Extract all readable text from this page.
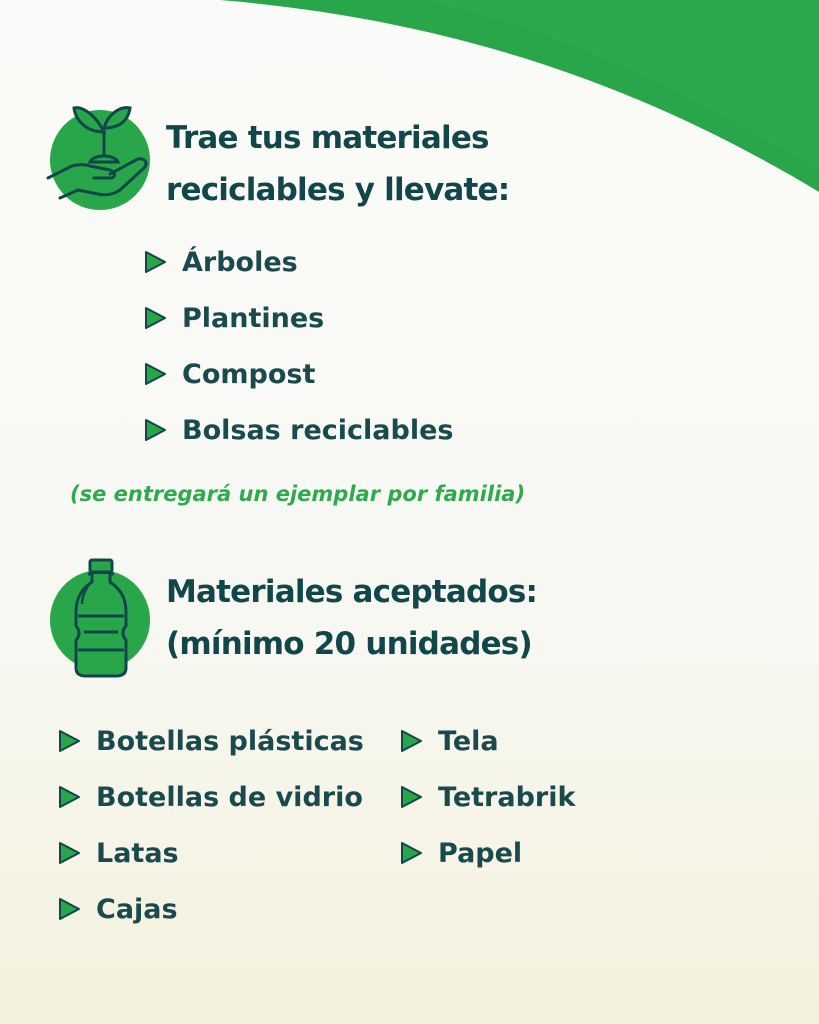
Trae tus materiales
reciclables y llevate:
Árboles
Plantines
Compost
Bolsas reciclables

(se entregará un ejemplar por familia)

Materiales aceptados:
(mínimo 20 unidades)
Botellas plásticas
Botellas de vidrio
Latas
Cajas
Tela
Tetrabrik
Papel
